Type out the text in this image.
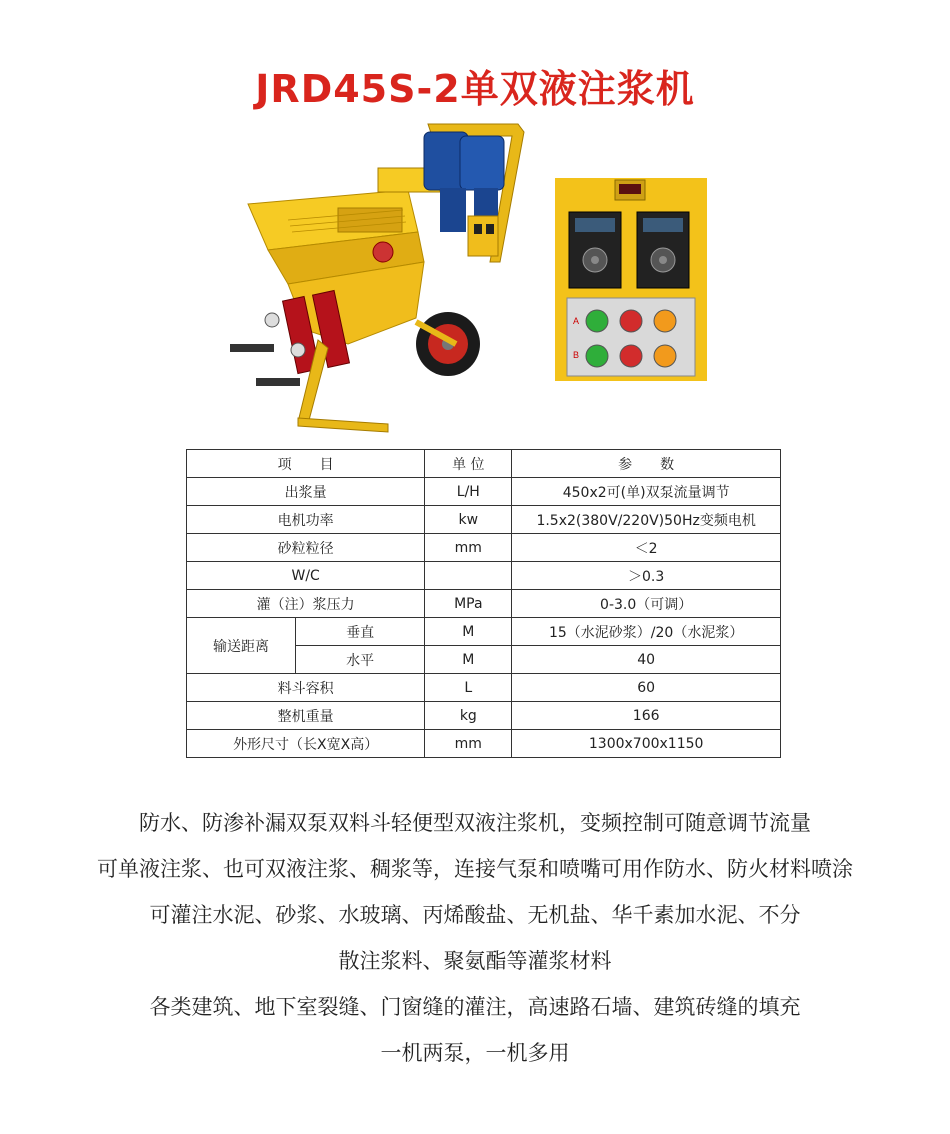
JRD45S-2单双液注浆机
A
B
项　　目		单 位	参　　数
出浆量		L/H	450x2可(单)双泵流量调节
电机功率		kw	1.5x2(380V/220V)50Hz变频电机
砂粒粒径		mm	＜2
W/C			＞0.3
灌（注）浆压力		MPa	0-3.0（可调）
输送距离	垂直	M	15（水泥砂浆）/20（水泥浆）
	水平	M	40
料斗容积		L	60
整机重量		kg	166
外形尺寸（长X宽X高）		mm	1300x700x1150
防水、防渗补漏双泵双料斗轻便型双液注浆机，变频控制可随意调节流量
可单液注浆、也可双液注浆、稠浆等，连接气泵和喷嘴可用作防水、防火材料喷涂
可灌注水泥、砂浆、水玻璃、丙烯酸盐、无机盐、华千素加水泥、不分
散注浆料、聚氨酯等灌浆材料
各类建筑、地下室裂缝、门窗缝的灌注，高速路石墙、建筑砖缝的填充
一机两泵，一机多用
